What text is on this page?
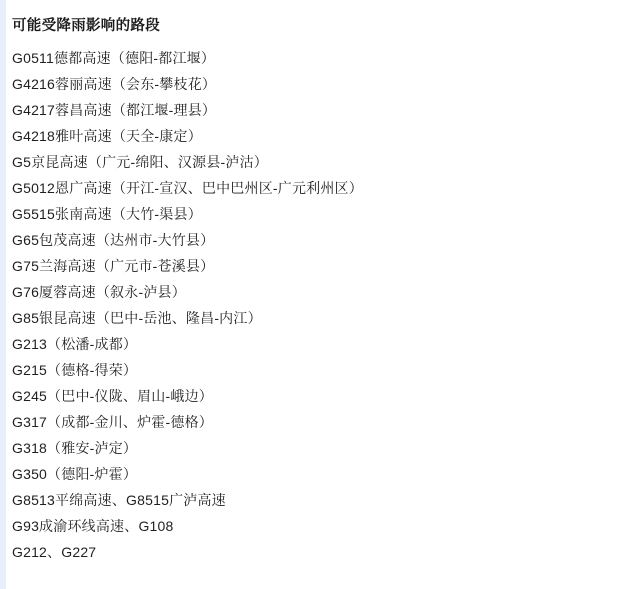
可能受降雨影响的路段
G0511德都高速（德阳-都江堰）
G4216蓉丽高速（会东-攀枝花）
G4217蓉昌高速（都江堰-理县）
G4218雅叶高速（天全-康定）
G5京昆高速（广元-绵阳、汉源县-泸沽）
G5012恩广高速（开江-宣汉、巴中巴州区-广元利州区）
G5515张南高速（大竹-渠县）
G65包茂高速（达州市-大竹县）
G75兰海高速（广元市-苍溪县）
G76厦蓉高速（叙永-泸县）
G85银昆高速（巴中-岳池、隆昌-内江）
G213（松潘-成都）
G215（德格-得荣）
G245（巴中-仪陇、眉山-峨边）
G317（成都-金川、炉霍-德格）
G318（雅安-泸定）
G350（德阳-炉霍）
G8513平绵高速、G8515广泸高速
G93成渝环线高速、G108
G212、G227
